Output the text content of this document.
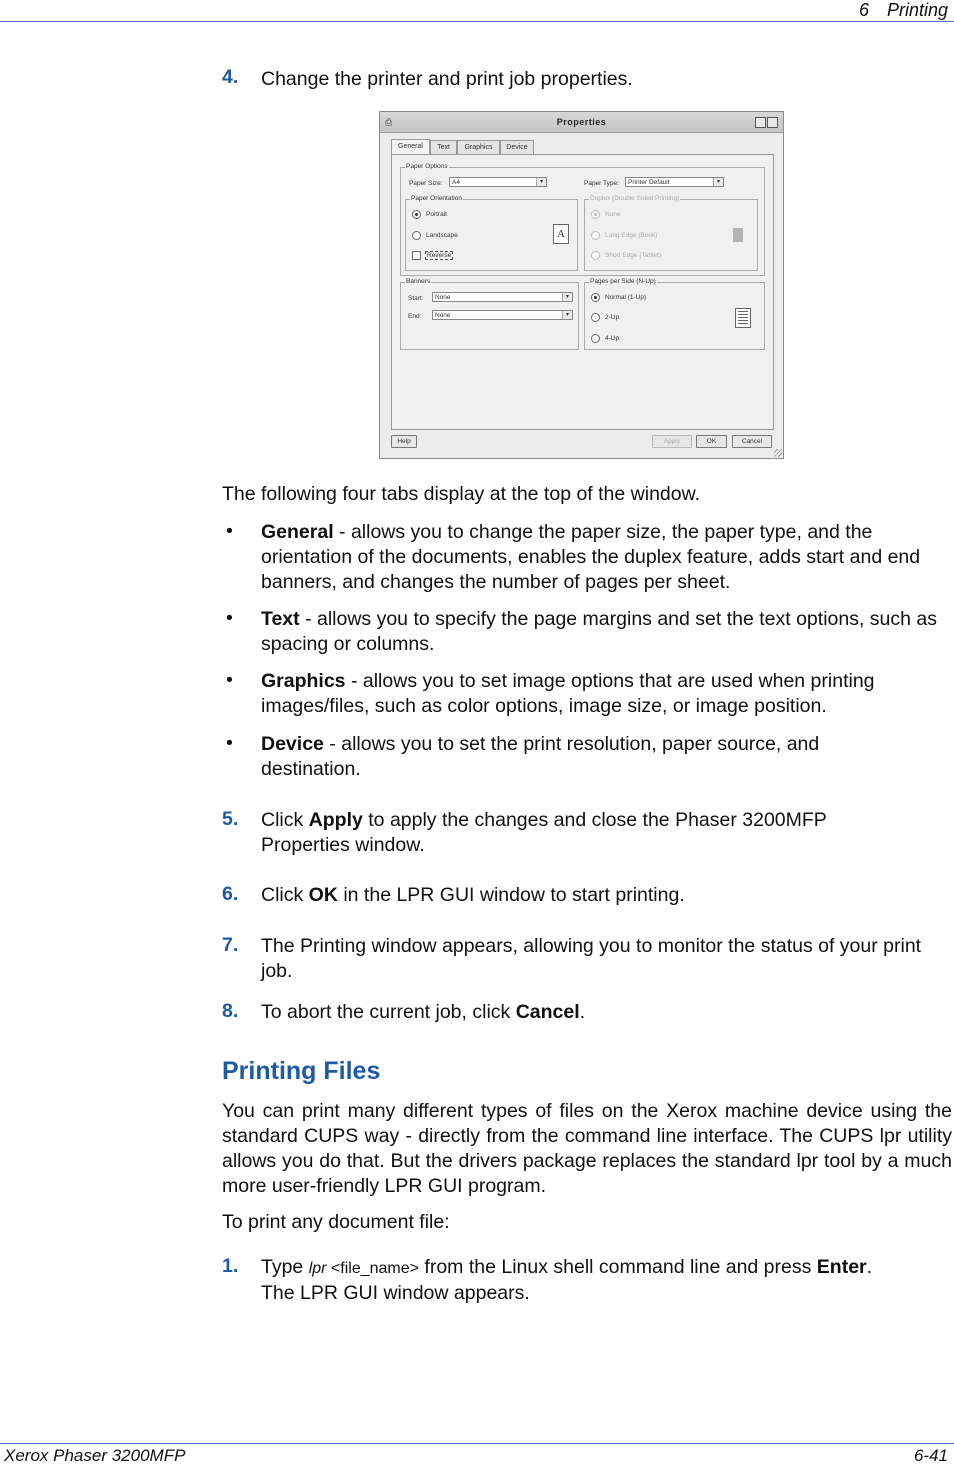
6 Printing
4. Change the printer and print job properties.
⎙	Properties
General	Text	Graphics	Device
Paper Options
Paper Size:	A4	▾	Paper Type:	Printer Default	▾
Paper Orientation
Portrait
Landscape
Reverse
A
Duplex (Double Sided Printing)
None
Long Edge (Book)
Short Edge (Tablet)
Banners
Start:	None	▾
End:	None	▾
Pages per Side (N-Up)
Normal (1-Up)
2-Up
4-Up
Help	Apply	OK	Cancel
The following four tabs display at the top of the window.
• General - allows you to change the paper size, the paper type, and the orientation of the documents, enables the duplex feature, adds start and end banners, and changes the number of pages per sheet.
• Text - allows you to specify the page margins and set the text options, such as spacing or columns.
• Graphics - allows you to set image options that are used when printing images/files, such as color options, image size, or image position.
• Device - allows you to set the print resolution, paper source, and destination.
5. Click Apply to apply the changes and close the Phaser 3200MFP Properties window.
6. Click OK in the LPR GUI window to start printing.
7. The Printing window appears, allowing you to monitor the status of your print job.
8. To abort the current job, click Cancel.
Printing Files
You can print many different types of files on the Xerox machine device using the standard CUPS way - directly from the command line interface. The CUPS lpr utility allows you do that. But the drivers package replaces the standard lpr tool by a much more user-friendly LPR GUI program.
To print any document file:
1. Type lpr <file_name> from the Linux shell command line and press Enter.
The LPR GUI window appears.
Xerox Phaser 3200MFP	6-41
